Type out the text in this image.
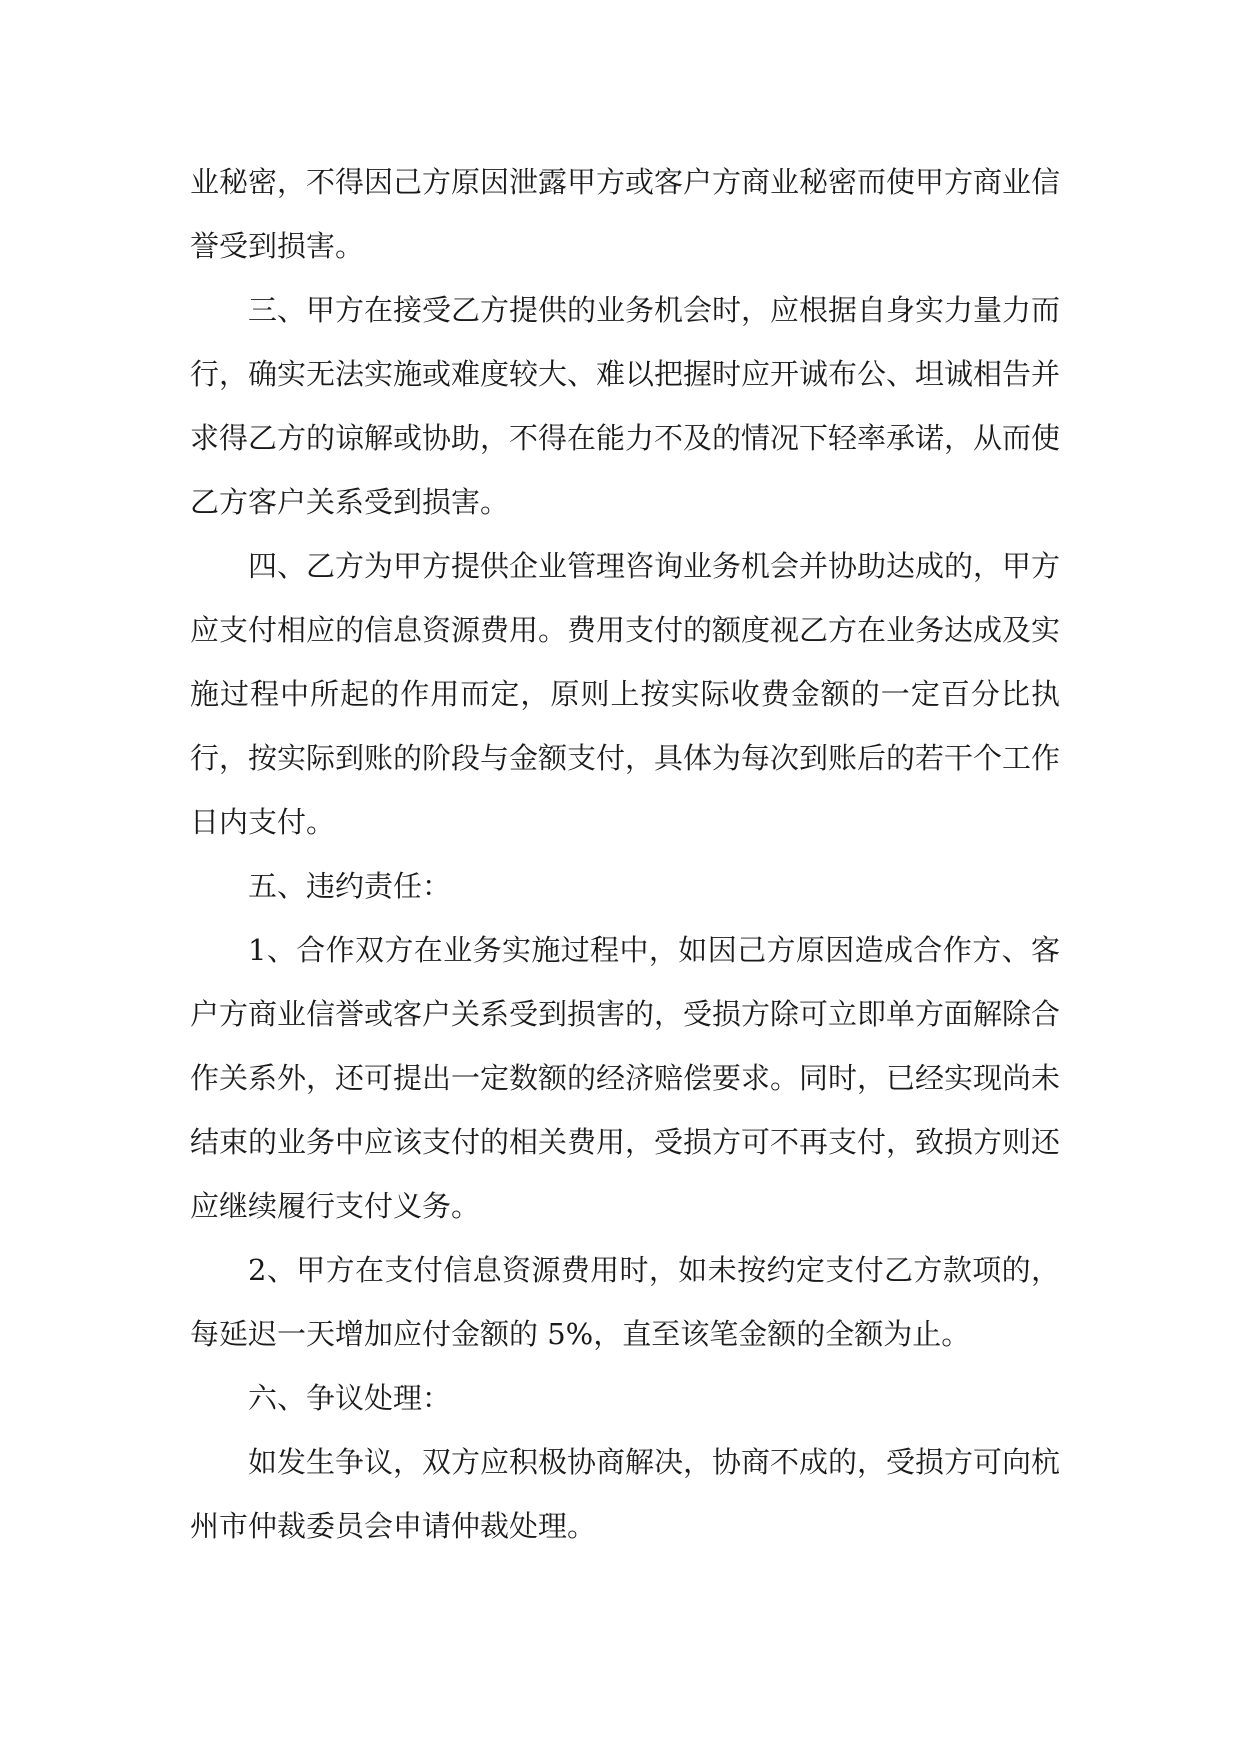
业秘密，不得因己方原因泄露甲方或客户方商业秘密而使甲方商业信誉受到损害。

三、甲方在接受乙方提供的业务机会时，应根据自身实力量力而行，确实无法实施或难度较大、难以把握时应开诚布公、坦诚相告并求得乙方的谅解或协助，不得在能力不及的情况下轻率承诺，从而使乙方客户关系受到损害。

四、乙方为甲方提供企业管理咨询业务机会并协助达成的，甲方应支付相应的信息资源费用。费用支付的额度视乙方在业务达成及实施过程中所起的作用而定，原则上按实际收费金额的一定百分比执行，按实际到账的阶段与金额支付，具体为每次到账后的若干个工作日内支付。

五、违约责任：

1、合作双方在业务实施过程中，如因己方原因造成合作方、客户方商业信誉或客户关系受到损害的，受损方除可立即单方面解除合作关系外，还可提出一定数额的经济赔偿要求。同时，已经实现尚未结束的业务中应该支付的相关费用，受损方可不再支付，致损方则还应继续履行支付义务。

2、甲方在支付信息资源费用时，如未按约定支付乙方款项的，每延迟一天增加应付金额的 5%，直至该笔金额的全额为止。

六、争议处理：

如发生争议，双方应积极协商解决，协商不成的，受损方可向杭州市仲裁委员会申请仲裁处理。
